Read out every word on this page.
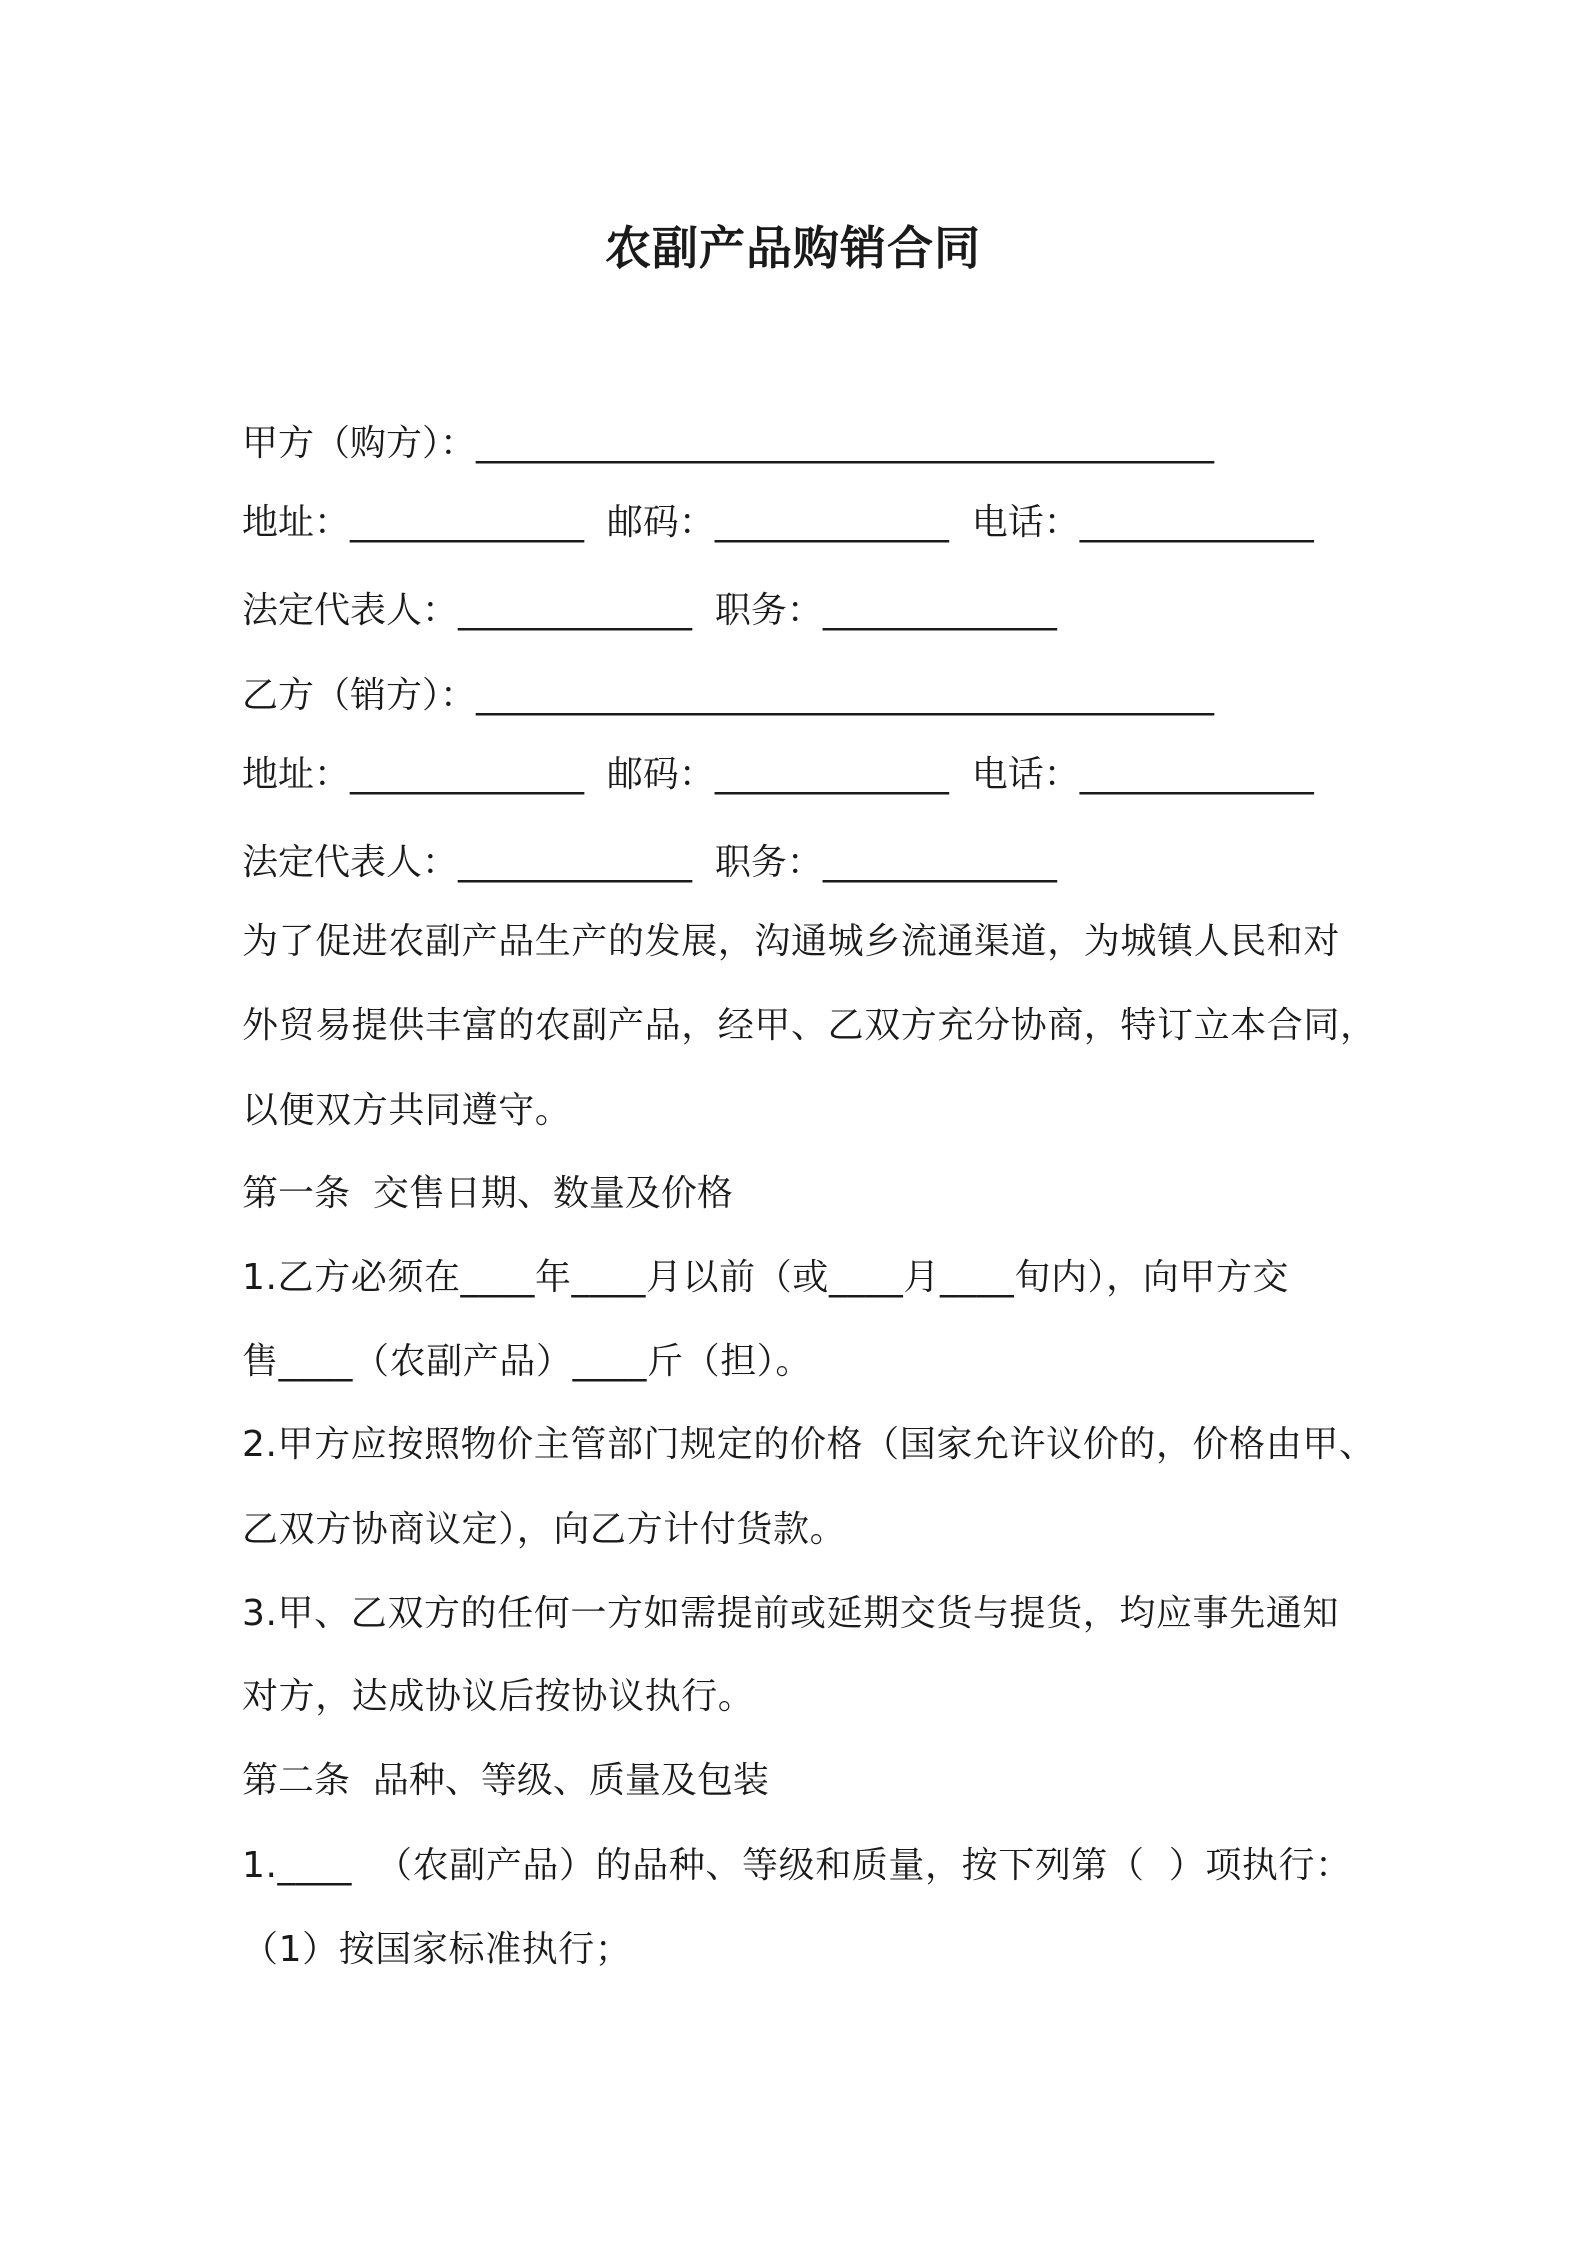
农副产品购销合同
甲方（购方）：_________________________________________
地址：_____________  邮码：_____________  电话：_____________
法定代表人：_____________  职务：_____________
乙方（销方）：_________________________________________
地址：_____________  邮码：_____________  电话：_____________
法定代表人：_____________  职务：_____________
为了促进农副产品生产的发展，沟通城乡流通渠道，为城镇人民和对
外贸易提供丰富的农副产品，经甲、乙双方充分协商，特订立本合同，
以便双方共同遵守。
第一条  交售日期、数量及价格
1.乙方必须在____年____月以前（或____月____旬内），向甲方交
售____（农副产品）____斤（担）。
2.甲方应按照物价主管部门规定的价格（国家允许议价的，价格由甲、
乙双方协商议定），向乙方计付货款。
3.甲、乙双方的任何一方如需提前或延期交货与提货，均应事先通知
对方，达成协议后按协议执行。
第二条  品种、等级、质量及包装
1.____  （农副产品）的品种、等级和质量，按下列第（  ）项执行：
（1）按国家标准执行；
